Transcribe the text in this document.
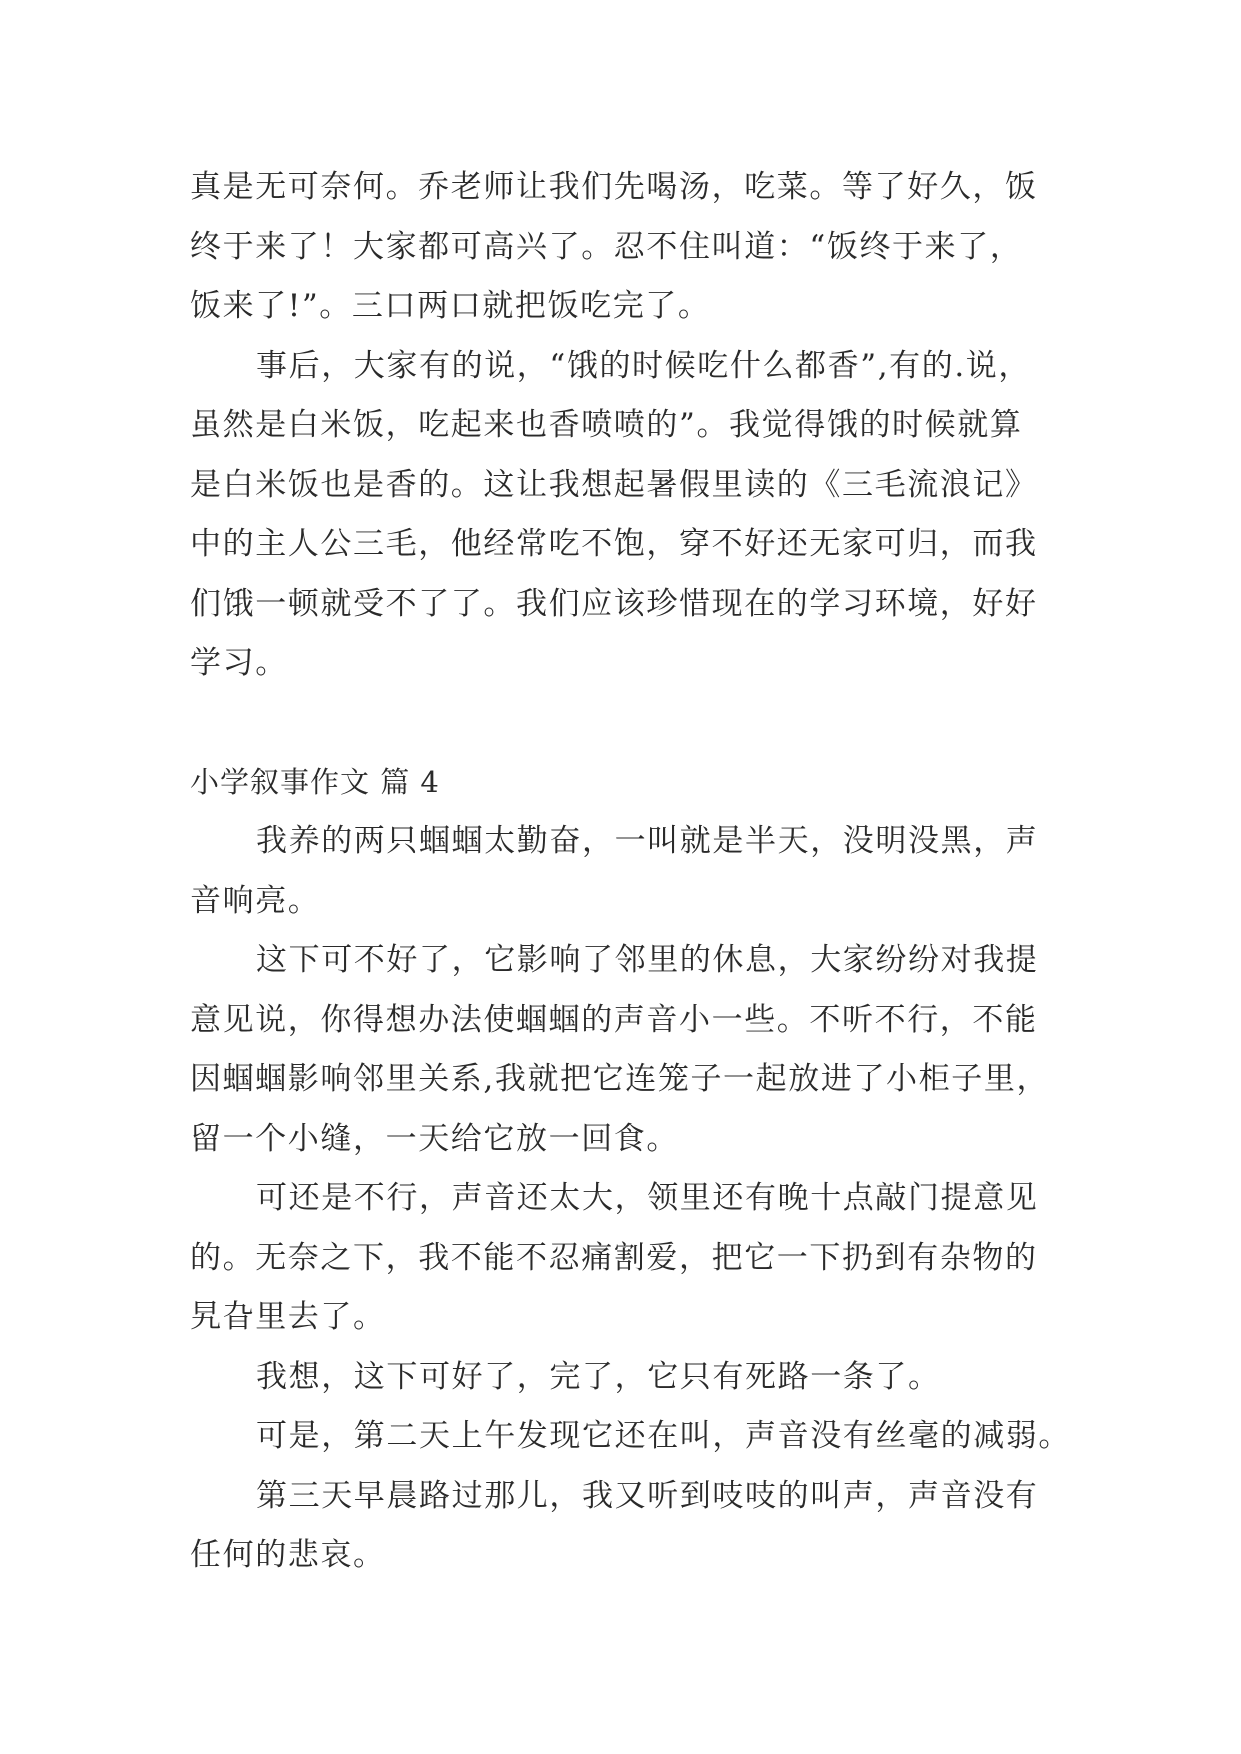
真是无可奈何。乔老师让我们先喝汤，吃菜。等了好久，饭
终于来了！大家都可高兴了。忍不住叫道：“饭终于来了，
饭来了!”。三口两口就把饭吃完了。
事后，大家有的说，“饿的时候吃什么都香”,有的.说，
虽然是白米饭，吃起来也香喷喷的”。我觉得饿的时候就算
是白米饭也是香的。这让我想起暑假里读的《三毛流浪记》
中的主人公三毛，他经常吃不饱，穿不好还无家可归，而我
们饿一顿就受不了了。我们应该珍惜现在的学习环境，好好
学习。
小学叙事作文 篇 4
我养的两只蝈蝈太勤奋，一叫就是半天，没明没黑，声
音响亮。
这下可不好了，它影响了邻里的休息，大家纷纷对我提
意见说，你得想办法使蝈蝈的声音小一些。不听不行，不能
因蝈蝈影响邻里关系,我就把它连笼子一起放进了小柜子里，
留一个小缝，一天给它放一回食。
可还是不行，声音还太大，领里还有晚十点敲门提意见
的。无奈之下，我不能不忍痛割爱，把它一下扔到有杂物的
旯旮里去了。
我想，这下可好了，完了，它只有死路一条了。
可是，第二天上午发现它还在叫，声音没有丝毫的减弱。
第三天早晨路过那儿，我又听到吱吱的叫声，声音没有
任何的悲哀。
